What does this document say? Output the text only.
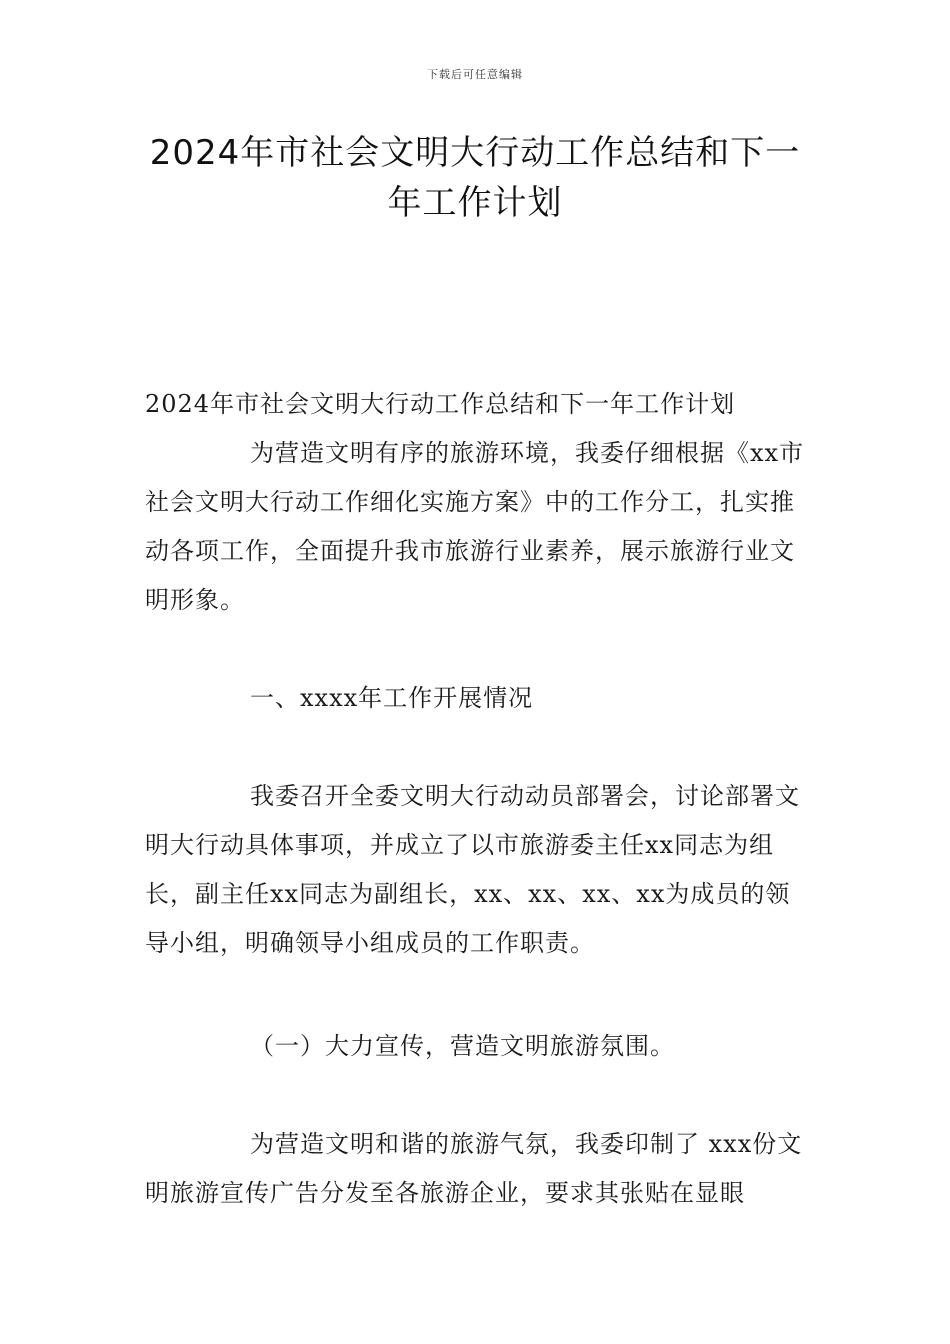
下载后可任意编辑
2024年市社会文明大行动工作总结和下一年工作计划
2024年市社会文明大行动工作总结和下一年工作计划
为营造文明有序的旅游环境，我委仔细根据《xx市社会文明大行动工作细化实施方案》中的工作分工，扎实推动各项工作，全面提升我市旅游行业素养，展示旅游行业文明形象。
一、xxxx年工作开展情况
我委召开全委文明大行动动员部署会，讨论部署文明大行动具体事项，并成立了以市旅游委主任xx同志为组长，副主任xx同志为副组长，xx、xx、xx、xx为成员的领导小组，明确领导小组成员的工作职责。
（一）大力宣传，营造文明旅游氛围。
为营造文明和谐的旅游气氛，我委印制了 xxx份文明旅游宣传广告分发至各旅游企业，要求其张贴在显眼
